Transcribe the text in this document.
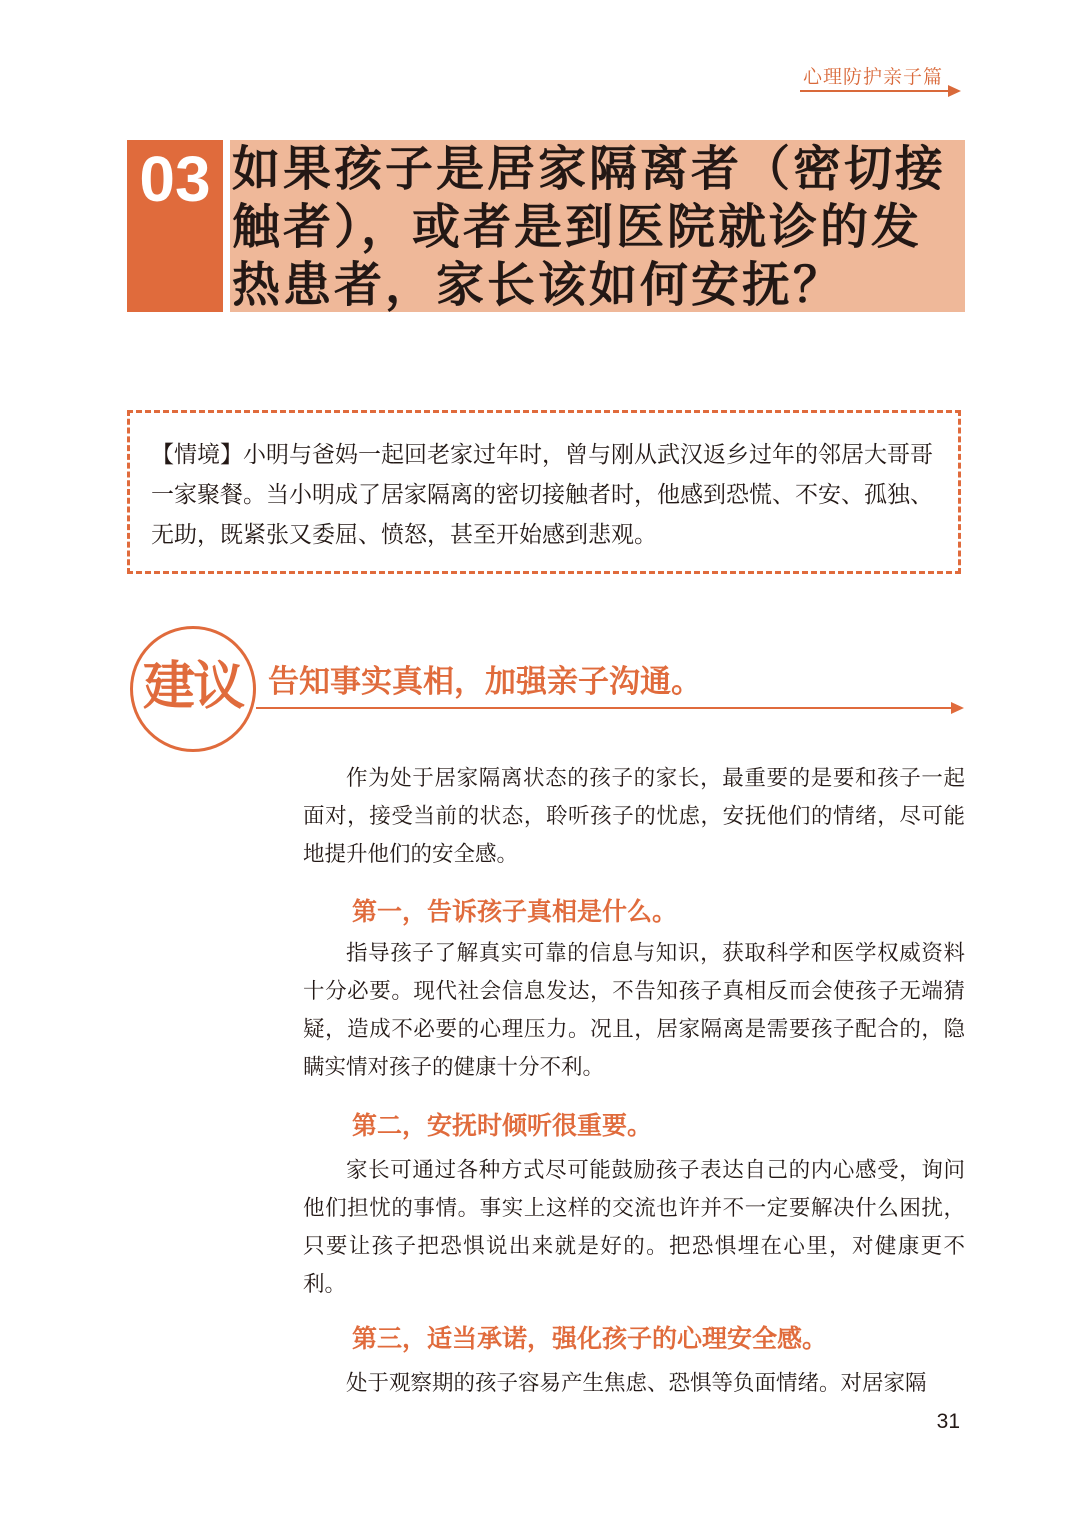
心理防护亲子篇
03 如果孩子是居家隔离者（密切接触者），或者是到医院就诊的发热患者，家长该如何安抚？

【情境】小明与爸妈一起回老家过年时，曾与刚从武汉返乡过年的邻居大哥哥一家聚餐。当小明成了居家隔离的密切接触者时，他感到恐慌、不安、孤独、无助，既紧张又委屈、愤怒，甚至开始感到悲观。

建议 告知事实真相，加强亲子沟通。

作为处于居家隔离状态的孩子的家长，最重要的是要和孩子一起面对，接受当前的状态，聆听孩子的忧虑，安抚他们的情绪，尽可能地提升他们的安全感。

第一，告诉孩子真相是什么。

指导孩子了解真实可靠的信息与知识，获取科学和医学权威资料十分必要。现代社会信息发达，不告知孩子真相反而会使孩子无端猜疑，造成不必要的心理压力。况且，居家隔离是需要孩子配合的，隐瞒实情对孩子的健康十分不利。

第二，安抚时倾听很重要。

家长可通过各种方式尽可能鼓励孩子表达自己的内心感受，询问他们担忧的事情。事实上这样的交流也许并不一定要解决什么困扰，只要让孩子把恐惧说出来就是好的。把恐惧埋在心里，对健康更不利。

第三，适当承诺，强化孩子的心理安全感。

处于观察期的孩子容易产生焦虑、恐惧等负面情绪。对居家隔

31
